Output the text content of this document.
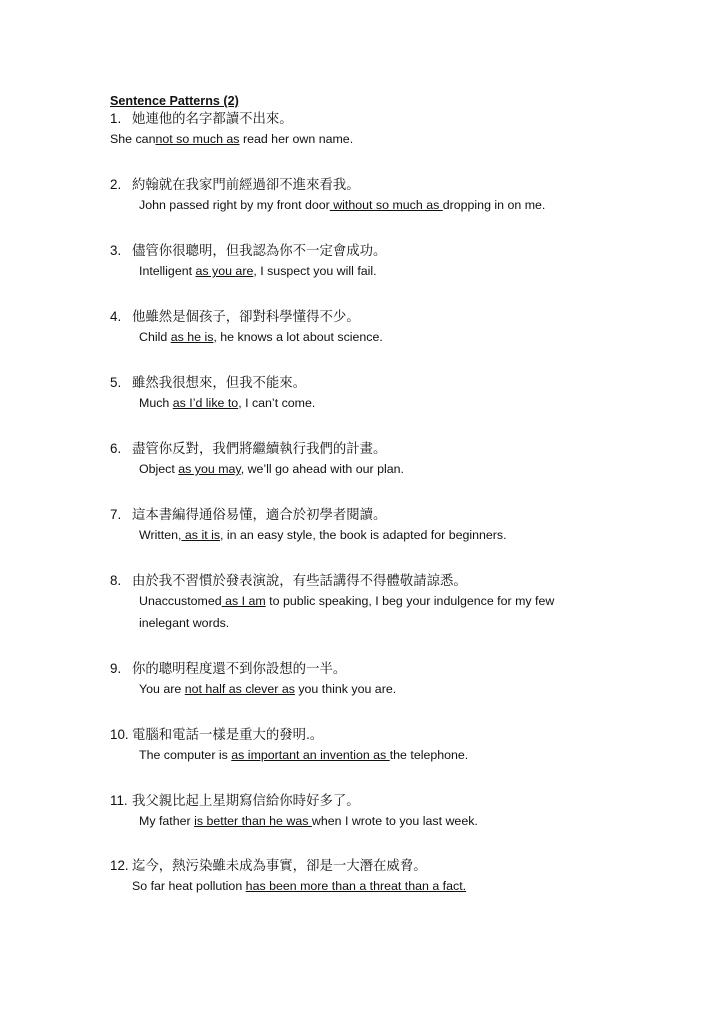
Sentence Patterns (2)
1. 她連他的名字都讀不出來。
She cannot so much as read her own name.
2. 約翰就在我家門前經過卻不進來看我。
John passed right by my front door without so much as dropping in on me.
3. 儘管你很聰明，但我認為你不一定會成功。
Intelligent as you are, I suspect you will fail.
4. 他雖然是個孩子，卻對科學懂得不少。
Child as he is, he knows a lot about science.
5. 雖然我很想來，但我不能來。
Much as I’d like to, I can’t come.
6. 盡管你反對，我們將繼續執行我們的計畫。
Object as you may, we’ll go ahead with our plan.
7. 這本書編得通俗易懂，適合於初學者閱讀。
Written, as it is, in an easy style, the book is adapted for beginners.
8. 由於我不習慣於發表演說，有些話講得不得體敬請諒悉。
Unaccustomed as I am to public speaking, I beg your indulgence for my few
inelegant words.
9. 你的聰明程度還不到你設想的一半。
You are not half as clever as you think you are.
10. 電腦和電話一樣是重大的發明.。
The computer is as important an invention as the telephone.
11. 我父親比起上星期寫信給你時好多了。
My father is better than he was when I wrote to you last week.
12. 迄今，熱污染雖未成為事實，卻是一大潛在威脅。
So far heat pollution has been more than a threat than a fact.
